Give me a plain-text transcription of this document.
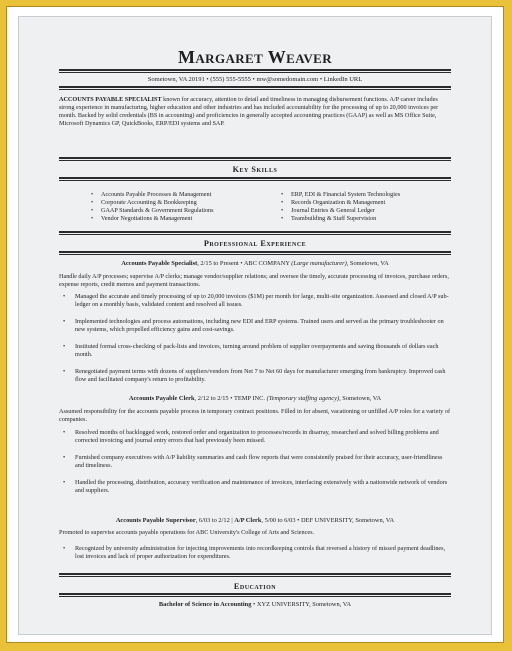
Margaret Weaver
Sometown, VA 20191 • (555) 555-5555 • mw@somedomain.com • LinkedIn URL
ACCOUNTS PAYABLE SPECIALIST known for accuracy, attention to detail and timeliness in managing disbursement functions. A/P career includes strong experience in manufacturing, higher education and other industries and has included accountability for the processing of up to 20,000 invoices per month. Backed by solid credentials (BS in accounting) and proficiencies in generally accepted accounting practices (GAAP) as well as MS Office Suite, Microsoft Dynamics GP, QuickBooks, ERP/EDI systems and SAP.
Key Skills
• Accounts Payable Processes & Management	• ERP, EDI & Financial System Technologies
• Corporate Accounting & Bookkeeping	• Records Organization & Management
• GAAP Standards & Government Regulations	• Journal Entries & General Ledger
• Vendor Negotiations & Management	• Teambuilding & Staff Supervision
Professional Experience
Accounts Payable Specialist, 2/15 to Present • ABC COMPANY (Large manufacturer), Sometown, VA
Handle daily A/P processes; supervise A/P clerks; manage vendor/supplier relations; and oversee the timely, accurate processing of invoices, purchase orders, expense reports, credit memos and payment transactions.
• Managed the accurate and timely processing of up to 20,000 invoices ($1M) per month for large, multi-site organization. Assessed and closed A/P sub-ledger on a monthly basis, validated content and resolved all issues.
• Implemented technologies and process automations, including new EDI and ERP systems. Trained users and served as the primary troubleshooter on new systems, which propelled efficiency gains and cost-savings.
• Instituted formal cross-checking of pack-lists and invoices, turning around problem of supplier overpayments and saving thousands of dollars each month.
• Renegotiated payment terms with dozens of suppliers/vendors from Net 7 to Net 60 days for manufacturer emerging from bankruptcy. Improved cash flow and facilitated company's return to profitability.
Accounts Payable Clerk, 2/12 to 2/15 • TEMP INC. (Temporary staffing agency), Sometown, VA
Assumed responsibility for the accounts payable process in temporary contract positions. Filled in for absent, vacationing or unfilled A/P roles for a variety of companies.
• Resolved months of backlogged work, restored order and organization to processes/records in disarray, researched and solved billing problems and corrected invoicing and journal entry errors that had previously been missed.
• Furnished company executives with A/P liability summaries and cash flow reports that were consistently praised for their accuracy, user-friendliness and timeliness.
• Handled the processing, distribution, accuracy verification and maintenance of invoices, interfacing extensively with a nationwide network of vendors and suppliers.
Accounts Payable Supervisor, 6/03 to 2/12 | A/P Clerk, 5/00 to 6/03 • DEF UNIVERSITY, Sometown, VA
Promoted to supervise accounts payable operations for ABC University's College of Arts and Sciences.
• Recognized by university administration for injecting improvements into recordkeeping controls that reversed a history of missed payment deadlines, lost invoices and lack of proper authorization for expenditures.
Education
Bachelor of Science in Accounting • XYZ UNIVERSITY, Sometown, VA
